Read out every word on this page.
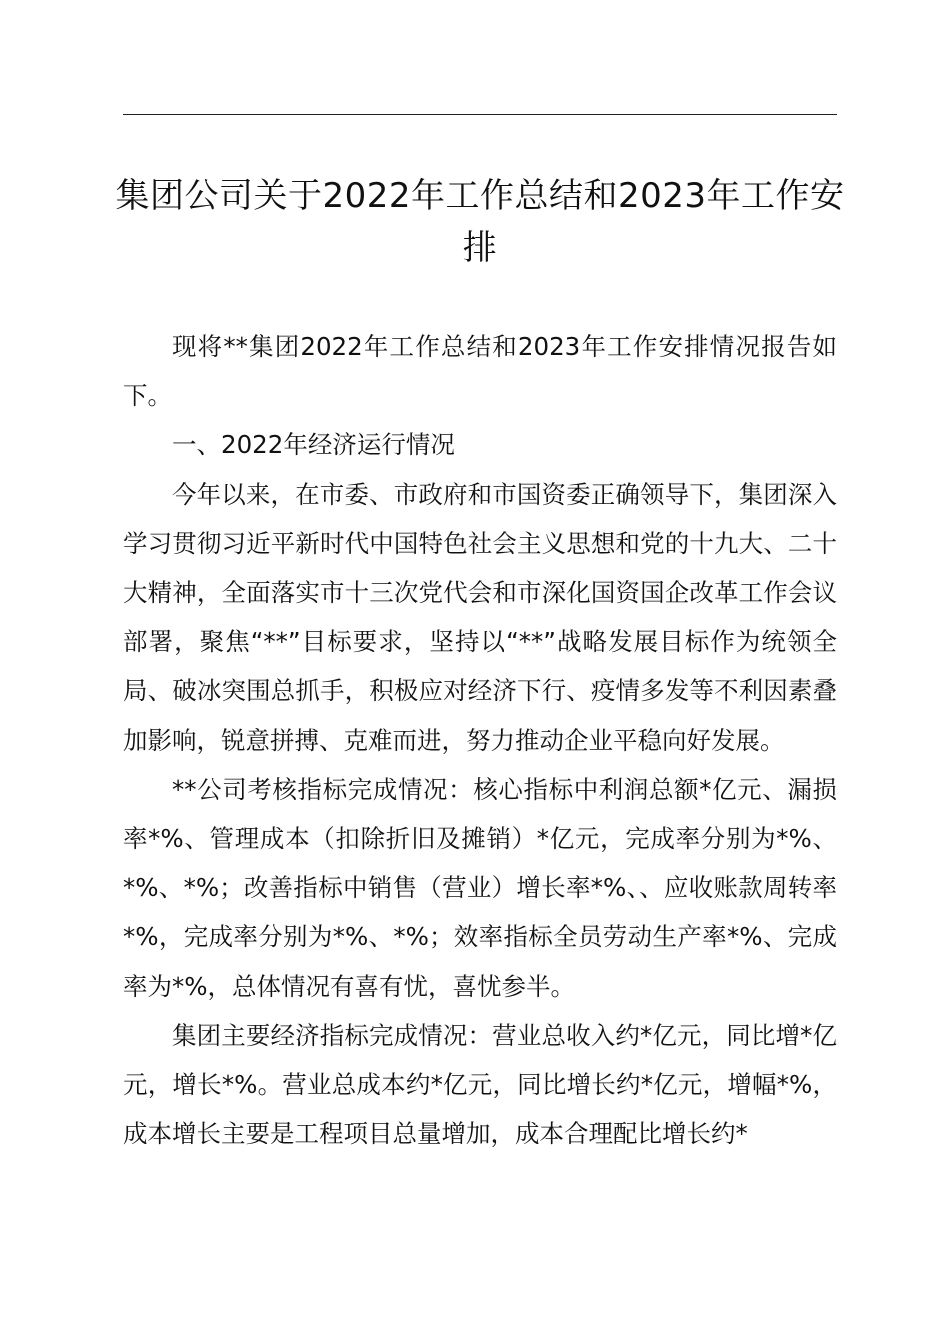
集团公司关于2022年工作总结和2023年工作安排

现将**集团2022年工作总结和2023年工作安排情况报告如下。

一、2022年经济运行情况

今年以来，在市委、市政府和市国资委正确领导下，集团深入学习贯彻习近平新时代中国特色社会主义思想和党的十九大、二十大精神，全面落实市十三次党代会和市深化国资国企改革工作会议部署，聚焦“**”目标要求，坚持以“**”战略发展目标作为统领全局、破冰突围总抓手，积极应对经济下行、疫情多发等不利因素叠加影响，锐意拼搏、克难而进，努力推动企业平稳向好发展。

**公司考核指标完成情况：核心指标中利润总额*亿元、漏损率*%、管理成本（扣除折旧及摊销）*亿元，完成率分别为*%、*%、*%；改善指标中销售（营业）增长率*%、、应收账款周转率*%，完成率分别为*%、*%；效率指标全员劳动生产率*%、完成率为*%，总体情况有喜有忧，喜忧参半。

集团主要经济指标完成情况：营业总收入约*亿元，同比增*亿元，增长*%。营业总成本约*亿元，同比增长约*亿元，增幅*%，成本增长主要是工程项目总量增加，成本合理配比增长约*
